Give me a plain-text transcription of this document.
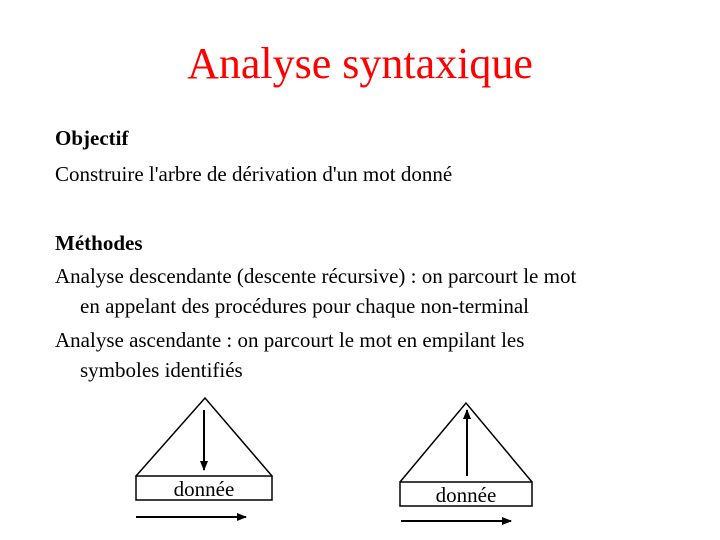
Analyse syntaxique
Objectif
Construire l'arbre de dérivation d'un mot donné
Méthodes
Analyse descendante (descente récursive) : on parcourt le mot
en appelant des procédures pour chaque non-terminal
Analyse ascendante : on parcourt le mot en empilant les
symboles identifiés
donnée	donnée
